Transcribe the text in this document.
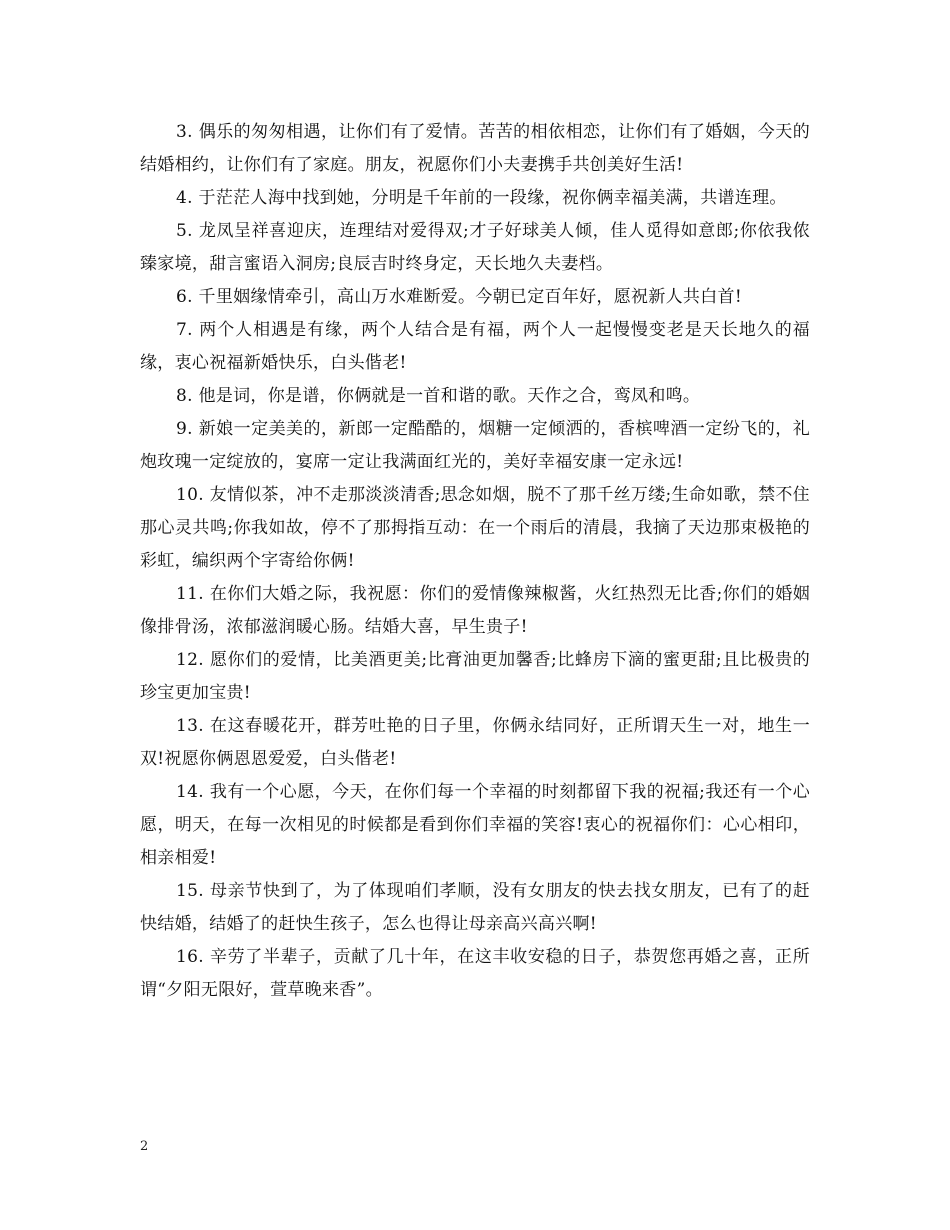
3. 偶乐的匆匆相遇，让你们有了爱情。苦苦的相依相恋，让你们有了婚姻，今天的结婚相约，让你们有了家庭。朋友，祝愿你们小夫妻携手共创美好生活!

4. 于茫茫人海中找到她，分明是千年前的一段缘，祝你俩幸福美满，共谱连理。

5. 龙凤呈祥喜迎庆，连理结对爱得双;才子好球美人倾，佳人觅得如意郎;你依我侬臻家境，甜言蜜语入洞房;良辰吉时终身定，天长地久夫妻档。

6. 千里姻缘情牵引，高山万水难断爱。今朝已定百年好，愿祝新人共白首!

7. 两个人相遇是有缘，两个人结合是有福，两个人一起慢慢变老是天长地久的福缘，衷心祝福新婚快乐，白头偕老!

8. 他是词，你是谱，你俩就是一首和谐的歌。天作之合，鸾凤和鸣。

9. 新娘一定美美的，新郎一定酷酷的，烟糖一定倾洒的，香槟啤酒一定纷飞的，礼炮玫瑰一定绽放的，宴席一定让我满面红光的，美好幸福安康一定永远!

10. 友情似茶，冲不走那淡淡清香;思念如烟，脱不了那千丝万缕;生命如歌，禁不住那心灵共鸣;你我如故，停不了那拇指互动：在一个雨后的清晨，我摘了天边那束极艳的彩虹，编织两个字寄给你俩!

11. 在你们大婚之际，我祝愿：你们的爱情像辣椒酱，火红热烈无比香;你们的婚姻像排骨汤，浓郁滋润暖心肠。结婚大喜，早生贵子!

12. 愿你们的爱情，比美酒更美;比膏油更加馨香;比蜂房下滴的蜜更甜;且比极贵的珍宝更加宝贵!

13. 在这春暖花开，群芳吐艳的日子里，你俩永结同好，正所谓天生一对，地生一双!祝愿你俩恩恩爱爱，白头偕老!

14. 我有一个心愿，今天，在你们每一个幸福的时刻都留下我的祝福;我还有一个心愿，明天，在每一次相见的时候都是看到你们幸福的笑容!衷心的祝福你们：心心相印，相亲相爱!

15. 母亲节快到了，为了体现咱们孝顺，没有女朋友的快去找女朋友，已有了的赶快结婚，结婚了的赶快生孩子，怎么也得让母亲高兴高兴啊!

16. 辛劳了半辈子，贡献了几十年，在这丰收安稳的日子，恭贺您再婚之喜，正所谓“夕阳无限好，萱草晚来香”。

2
